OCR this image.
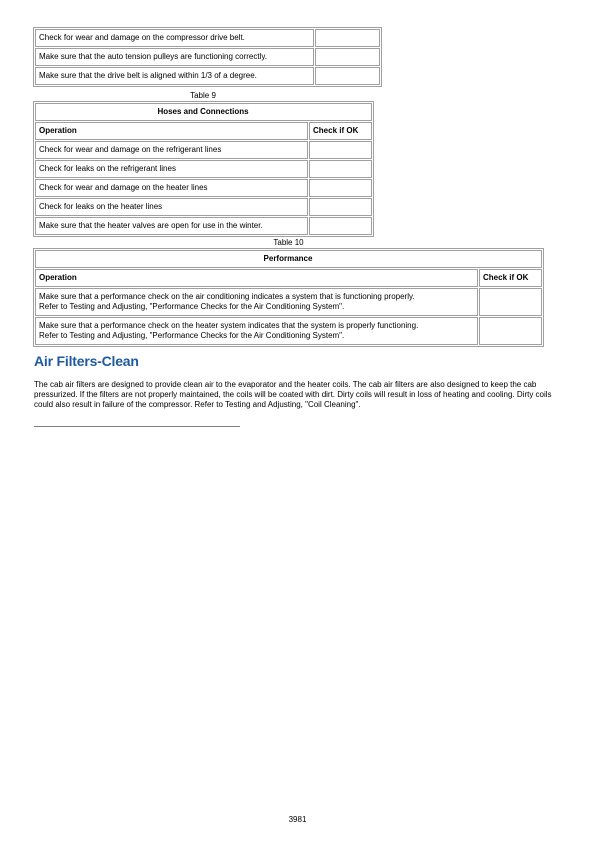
Check for wear and damage on the compressor drive belt.	
Make sure that the auto tension pulleys are functioning correctly.	
Make sure that the drive belt is aligned within 1/3 of a degree.	
Table 9
Hoses and Connections	
Operation	Check if OK
Check for wear and damage on the refrigerant lines	
Check for leaks on the refrigerant lines	
Check for wear and damage on the heater lines	
Check for leaks on the heater lines	
Make sure that the heater valves are open for use in the winter.	
Table 10
Performance	
Operation	Check if OK
Make sure that a performance check on the air conditioning indicates a system that is functioning properly.
Refer to Testing and Adjusting, "Performance Checks for the Air Conditioning System".	
Make sure that a performance check on the heater system indicates that the system is properly functioning.
Refer to Testing and Adjusting, "Performance Checks for the Air Conditioning System".	
Air Filters-Clean

The cab air filters are designed to provide clean air to the evaporator and the heater coils. The cab air filters are also designed to keep the cab pressurized. If the filters are not properly maintained, the coils will be coated with dirt. Dirty coils will result in loss of heating and cooling. Dirty coils could also result in failure of the compressor. Refer to Testing and Adjusting, "Coil Cleaning".

3981
